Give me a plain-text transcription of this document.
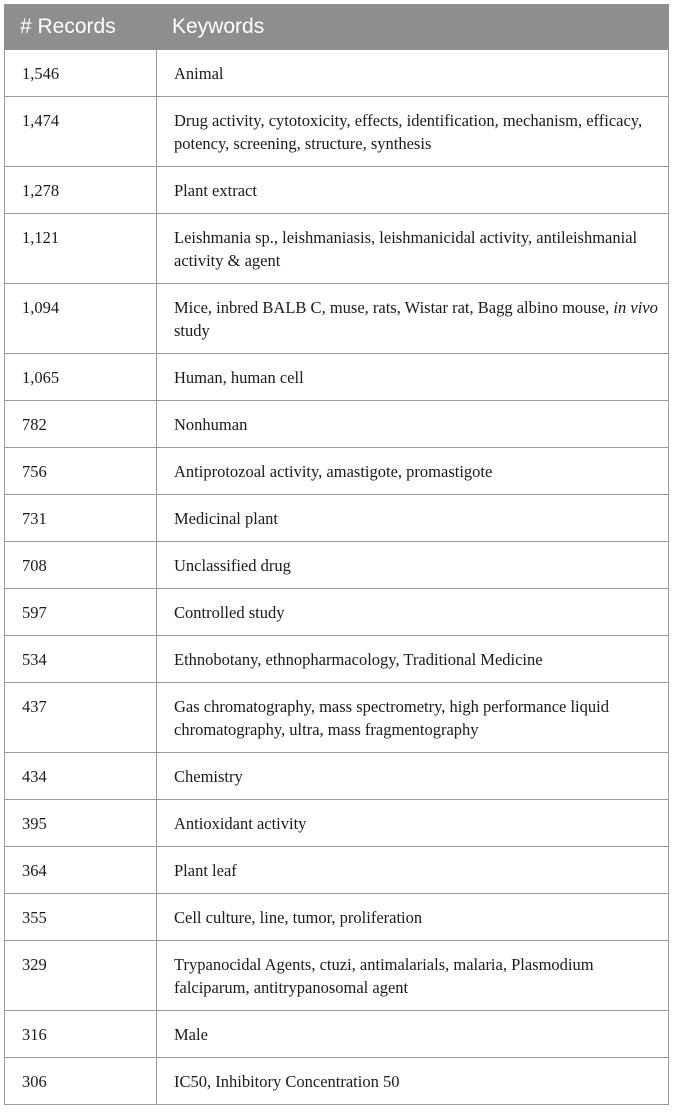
# Records	Keywords
1,546	Animal
1,474	Drug activity, cytotoxicity, effects, identification, mechanism, efficacy, potency, screening, structure, synthesis
1,278	Plant extract
1,121	Leishmania sp., leishmaniasis, leishmanicidal activity, antileishmanial activity & agent
1,094	Mice, inbred BALB C, muse, rats, Wistar rat, Bagg albino mouse, in vivo study
1,065	Human, human cell
782	Nonhuman
756	Antiprotozoal activity, amastigote, promastigote
731	Medicinal plant
708	Unclassified drug
597	Controlled study
534	Ethnobotany, ethnopharmacology, Traditional Medicine
437	Gas chromatography, mass spectrometry, high performance liquid chromatography, ultra, mass fragmentography
434	Chemistry
395	Antioxidant activity
364	Plant leaf
355	Cell culture, line, tumor, proliferation
329	Trypanocidal Agents, ctuzi, antimalarials, malaria, Plasmodium falciparum, antitrypanosomal agent
316	Male
306	IC50, Inhibitory Concentration 50
